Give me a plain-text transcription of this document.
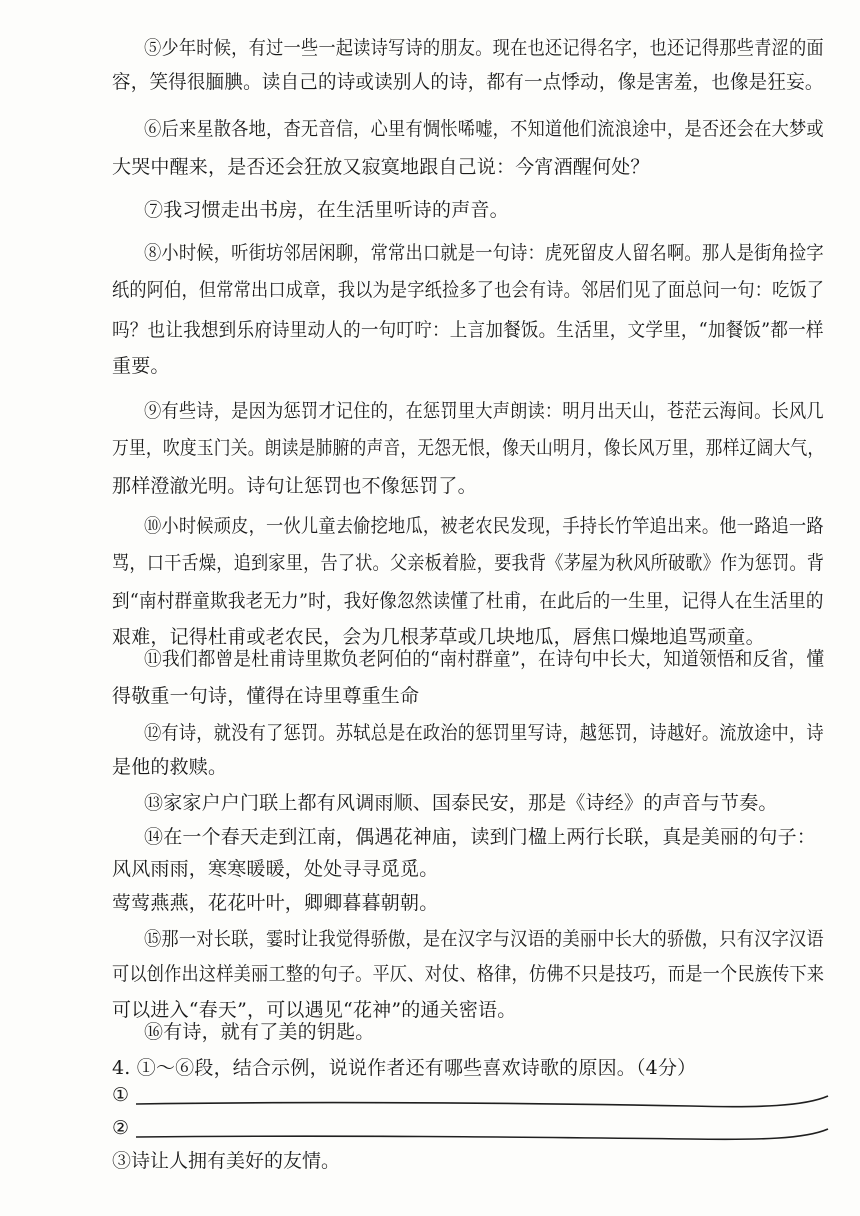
⑤少年时候，有过一些一起读诗写诗的朋友。现在也还记得名字，也还记得那些青涩的面
容，笑得很腼腆。读自己的诗或读别人的诗，都有一点悸动，像是害羞，也像是狂妄。
⑥后来星散各地，杳无音信，心里有惆怅唏嘘，不知道他们流浪途中，是否还会在大梦或
大哭中醒来，是否还会狂放又寂寞地跟自己说：今宵酒醒何处？
⑦我习惯走出书房，在生活里听诗的声音。
⑧小时候，听街坊邻居闲聊，常常出口就是一句诗：虎死留皮人留名啊。那人是街角捡字
纸的阿伯，但常常出口成章，我以为是字纸捡多了也会有诗。邻居们见了面总问一句：吃饭了
吗？也让我想到乐府诗里动人的一句叮咛：上言加餐饭。生活里，文学里，“加餐饭”都一样
重要。
⑨有些诗，是因为惩罚才记住的，在惩罚里大声朗读：明月出天山，苍茫云海间。长风几
万里，吹度玉门关。朗读是肺腑的声音，无怨无恨，像天山明月，像长风万里，那样辽阔大气，
那样澄澈光明。诗句让惩罚也不像惩罚了。
⑩小时候顽皮，一伙儿童去偷挖地瓜，被老农民发现，手持长竹竿追出来。他一路追一路
骂，口干舌燥，追到家里，告了状。父亲板着脸，要我背《茅屋为秋风所破歌》作为惩罚。背
到“南村群童欺我老无力”时，我好像忽然读懂了杜甫，在此后的一生里，记得人在生活里的
艰难，记得杜甫或老农民，会为几根茅草或几块地瓜，唇焦口燥地追骂顽童。
⑪我们都曾是杜甫诗里欺负老阿伯的“南村群童”，在诗句中长大，知道领悟和反省，懂
得敬重一句诗，懂得在诗里尊重生命
⑫有诗，就没有了惩罚。苏轼总是在政治的惩罚里写诗，越惩罚，诗越好。流放途中，诗
是他的救赎。
⑬家家户户门联上都有风调雨顺、国泰民安，那是《诗经》的声音与节奏。
⑭在一个春天走到江南，偶遇花神庙，读到门楹上两行长联，真是美丽的句子：
风风雨雨，寒寒暖暖，处处寻寻觅觅。
莺莺燕燕，花花叶叶，卿卿暮暮朝朝。
⑮那一对长联，霎时让我觉得骄傲，是在汉字与汉语的美丽中长大的骄傲，只有汉字汉语
可以创作出这样美丽工整的句子。平仄、对仗、格律，仿佛不只是技巧，而是一个民族传下来
可以进入“春天”，可以遇见“花神”的通关密语。
⑯有诗，就有了美的钥匙。
4. ①～⑥段，结合示例，说说作者还有哪些喜欢诗歌的原因。（4分）
①
②
③诗让人拥有美好的友情。
